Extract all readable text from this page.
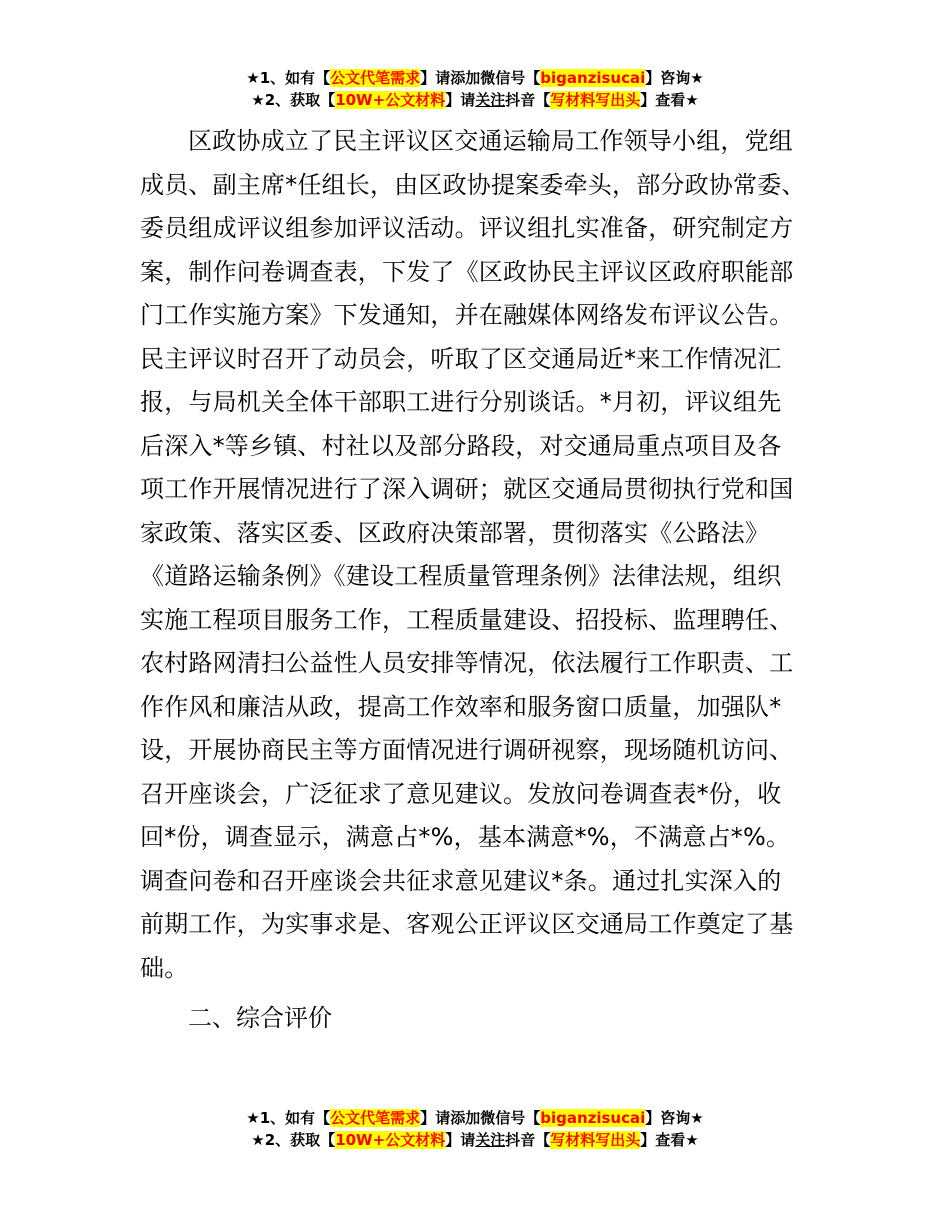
★1、如有【公文代笔需求】请添加微信号【biganzisucai】咨询★
★2、获取【10W+公文材料】请关注抖音【写材料写出头】查看★
区政协成立了民主评议区交通运输局工作领导小组，党组
成员、副主席*任组长，由区政协提案委牵头，部分政协常委、
委员组成评议组参加评议活动。评议组扎实准备，研究制定方
案，制作问卷调查表，下发了《区政协民主评议区政府职能部
门工作实施方案》下发通知，并在融媒体网络发布评议公告。
民主评议时召开了动员会，听取了区交通局近*来工作情况汇
报，与局机关全体干部职工进行分别谈话。*月初，评议组先
后深入*等乡镇、村社以及部分路段，对交通局重点项目及各
项工作开展情况进行了深入调研；就区交通局贯彻执行党和国
家政策、落实区委、区政府决策部署，贯彻落实《公路法》
《道路运输条例》《建设工程质量管理条例》法律法规，组织
实施工程项目服务工作，工程质量建设、招投标、监理聘任、
农村路网清扫公益性人员安排等情况，依法履行工作职责、工
作作风和廉洁从政，提高工作效率和服务窗口质量，加强队*
设，开展协商民主等方面情况进行调研视察，现场随机访问、
召开座谈会，广泛征求了意见建议。发放问卷调查表*份，收
回*份，调查显示，满意占*%，基本满意*%，不满意占*%。
调查问卷和召开座谈会共征求意见建议*条。通过扎实深入的
前期工作，为实事求是、客观公正评议区交通局工作奠定了基
础。
二、综合评价
★1、如有【公文代笔需求】请添加微信号【biganzisucai】咨询★
★2、获取【10W+公文材料】请关注抖音【写材料写出头】查看★
